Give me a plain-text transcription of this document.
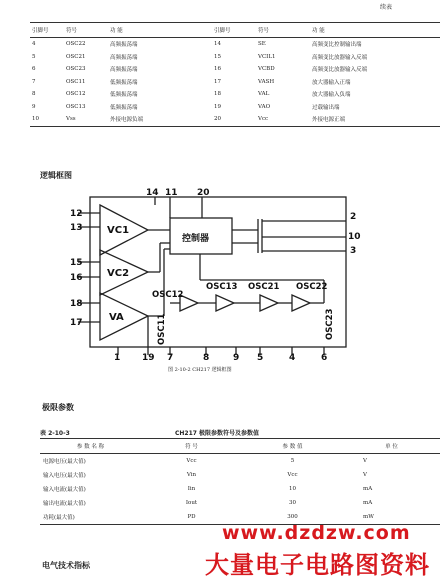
续表
引脚号	符号	功 能	引脚号	符号	功 能
4	OSC22	高频振荡端	14	SE	高频变比控制输出端
5	OSC21	高频振荡端	15	VCIL1	高频变比放器输入反端
6	OSC23	高频振荡端	16	VCBD	高频变比放器输入反端
7	OSC11	低频振荡端	17	VASH	放大器输入正端
8	OSC12	低频振荡端	18	VAL	放大器输入负端
9	OSC13	低频振荡端	19	VAO	过载输出端
10	Vss	外接电源负端	20	Vcc	外接电源正端
逻辑框图
VC1
VC2
VA
控制器
OSC12
OSC13 OSC21 OSC22
OSC11	OSC23
12
13
15
16
18
17
14 11 20
2
3
10
1 19 7	8	9 5	4	6
图 2-10-2 CH217 逻辑框图
极限参数
表 2-10-3	CH217 极限参数符号及参数值
参 数 名 称	符 号	参 数 值	单 位
电源电压(最大值)	Vcc	5	V
输入电压(最大值)	Vin	Vcc	V
输入电流(最大值)	Iin	10	mA
输出电流(最大值)	Iout	30	mA
功耗(最大值)	PD	300	mW
电气技术指标
www.dzdzw.com
大量电子电路图资料
